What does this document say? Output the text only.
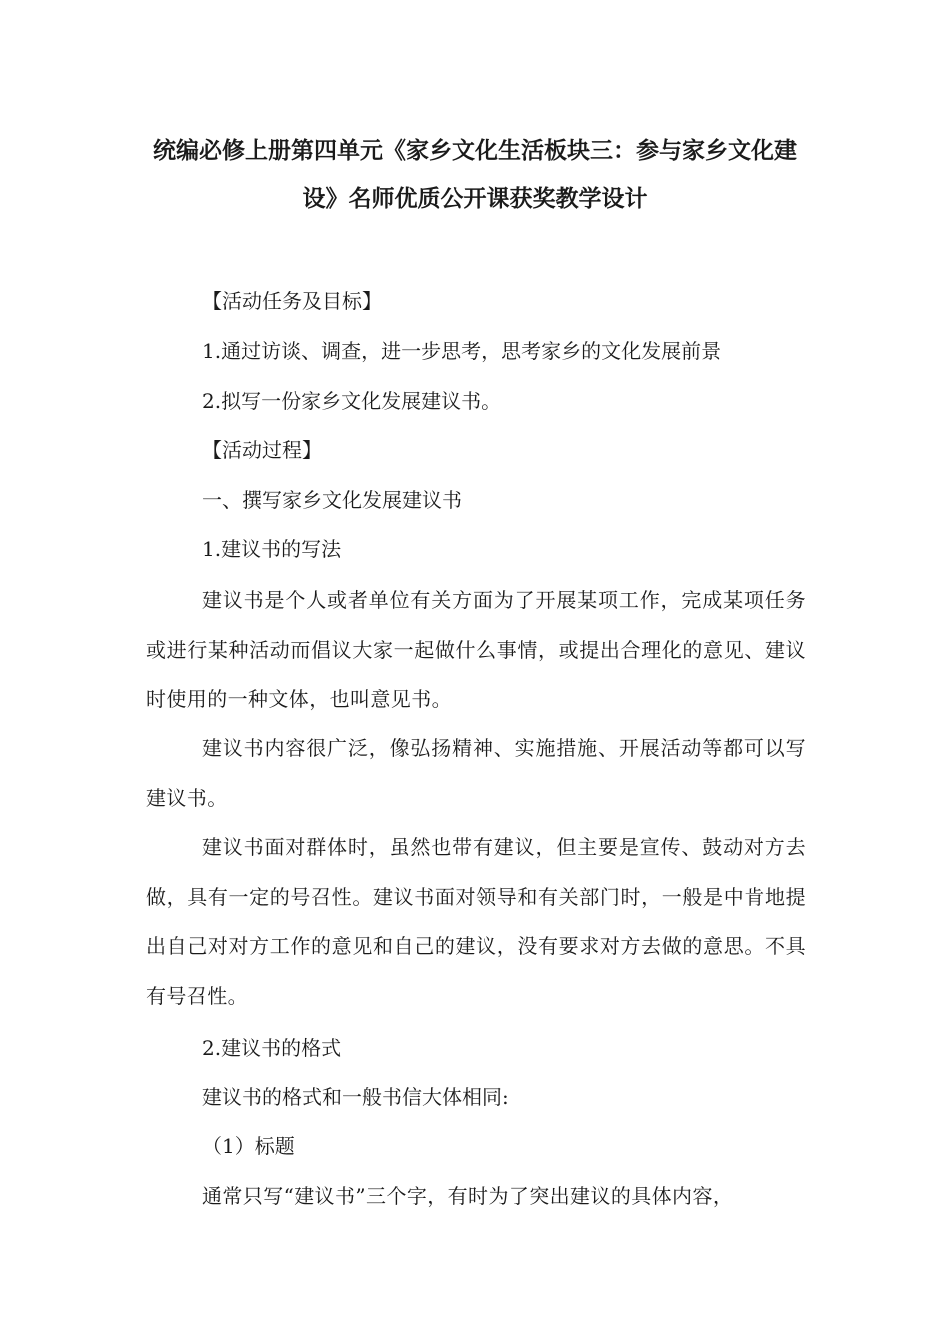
统编必修上册第四单元《家乡文化生活板块三：参与家乡文化建
设》名师优质公开课获奖教学设计
【活动任务及目标】
1.通过访谈、调查，进一步思考，思考家乡的文化发展前景
2.拟写一份家乡文化发展建议书。
【活动过程】
一、撰写家乡文化发展建议书
1.建议书的写法
建议书是个人或者单位有关方面为了开展某项工作，完成某项任务或进行某种活动而倡议大家一起做什么事情，或提出合理化的意见、建议时使用的一种文体，也叫意见书。
建议书内容很广泛，像弘扬精神、实施措施、开展活动等都可以写建议书。
建议书面对群体时，虽然也带有建议，但主要是宣传、鼓动对方去做，具有一定的号召性。建议书面对领导和有关部门时，一般是中肯地提出自己对对方工作的意见和自己的建议，没有要求对方去做的意思。不具有号召性。
2.建议书的格式
建议书的格式和一般书信大体相同:
（1）标题
通常只写“建议书”三个字，有时为了突出建议的具体内容，
